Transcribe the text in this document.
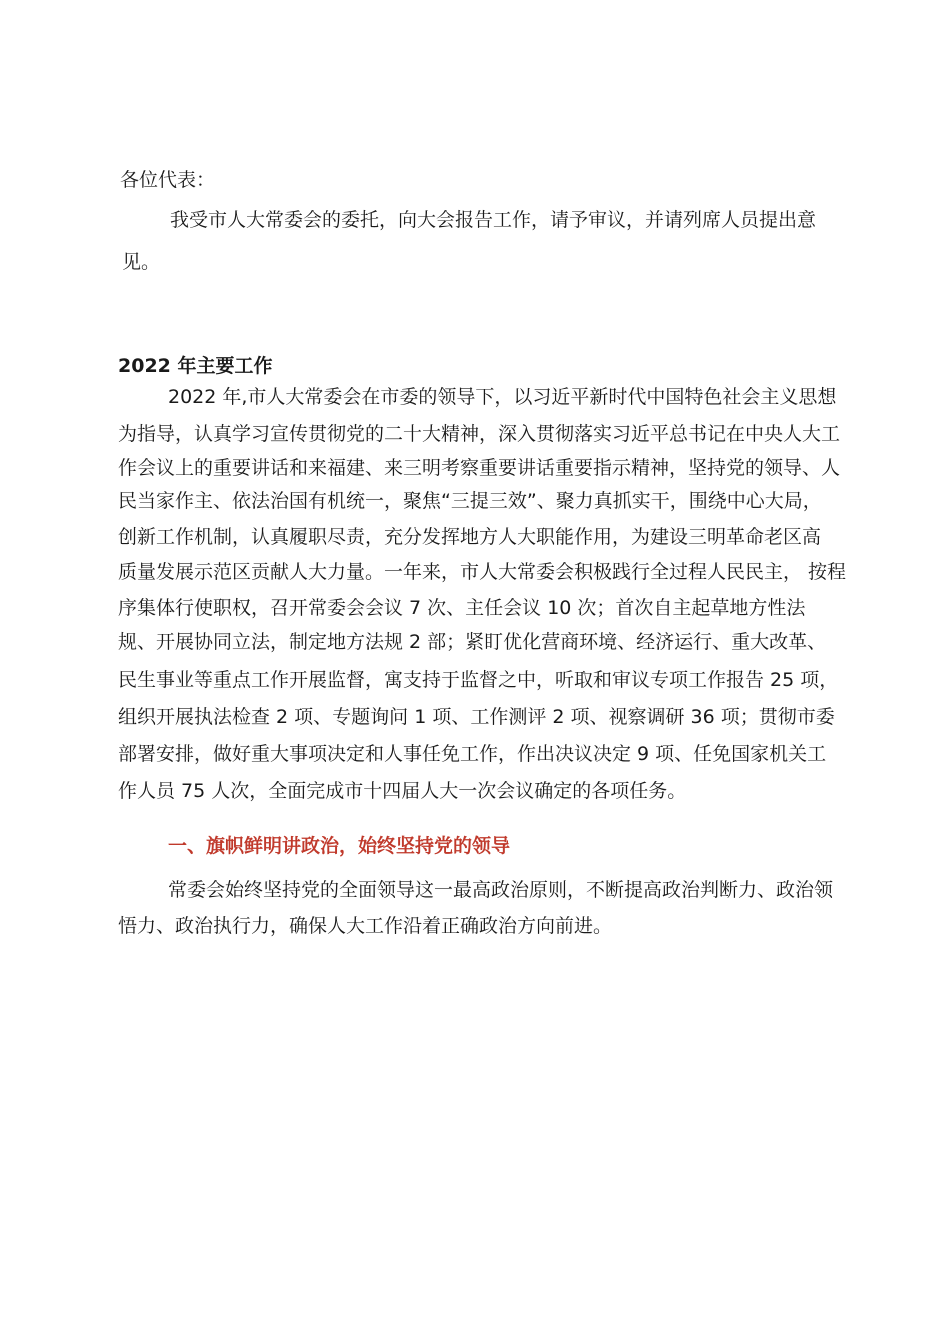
各位代表：
我受市人大常委会的委托，向大会报告工作，请予审议，并请列席人员提出意
见。
2022 年主要工作
2022 年,市人大常委会在市委的领导下，以习近平新时代中国特色社会主义思想
为指导，认真学习宣传贯彻党的二十大精神，深入贯彻落实习近平总书记在中央人大工
作会议上的重要讲话和来福建、来三明考察重要讲话重要指示精神，坚持党的领导、人
民当家作主、依法治国有机统一，聚焦“三提三效”、聚力真抓实干，围绕中心大局，
创新工作机制，认真履职尽责，充分发挥地方人大职能作用，为建设三明革命老区高
质量发展示范区贡献人大力量。一年来，市人大常委会积极践行全过程人民民主， 按程
序集体行使职权，召开常委会会议 7 次、主任会议 10 次；首次自主起草地方性法
规、开展协同立法，制定地方法规 2 部；紧盯优化营商环境、经济运行、重大改革、
民生事业等重点工作开展监督，寓支持于监督之中，听取和审议专项工作报告 25 项，
组织开展执法检查 2 项、专题询问 1 项、工作测评 2 项、视察调研 36 项；贯彻市委
部署安排，做好重大事项决定和人事任免工作，作出决议决定 9 项、任免国家机关工
作人员 75 人次，全面完成市十四届人大一次会议确定的各项任务。
一、旗帜鲜明讲政治，始终坚持党的领导
常委会始终坚持党的全面领导这一最高政治原则，不断提高政治判断力、政治领
悟力、政治执行力，确保人大工作沿着正确政治方向前进。
